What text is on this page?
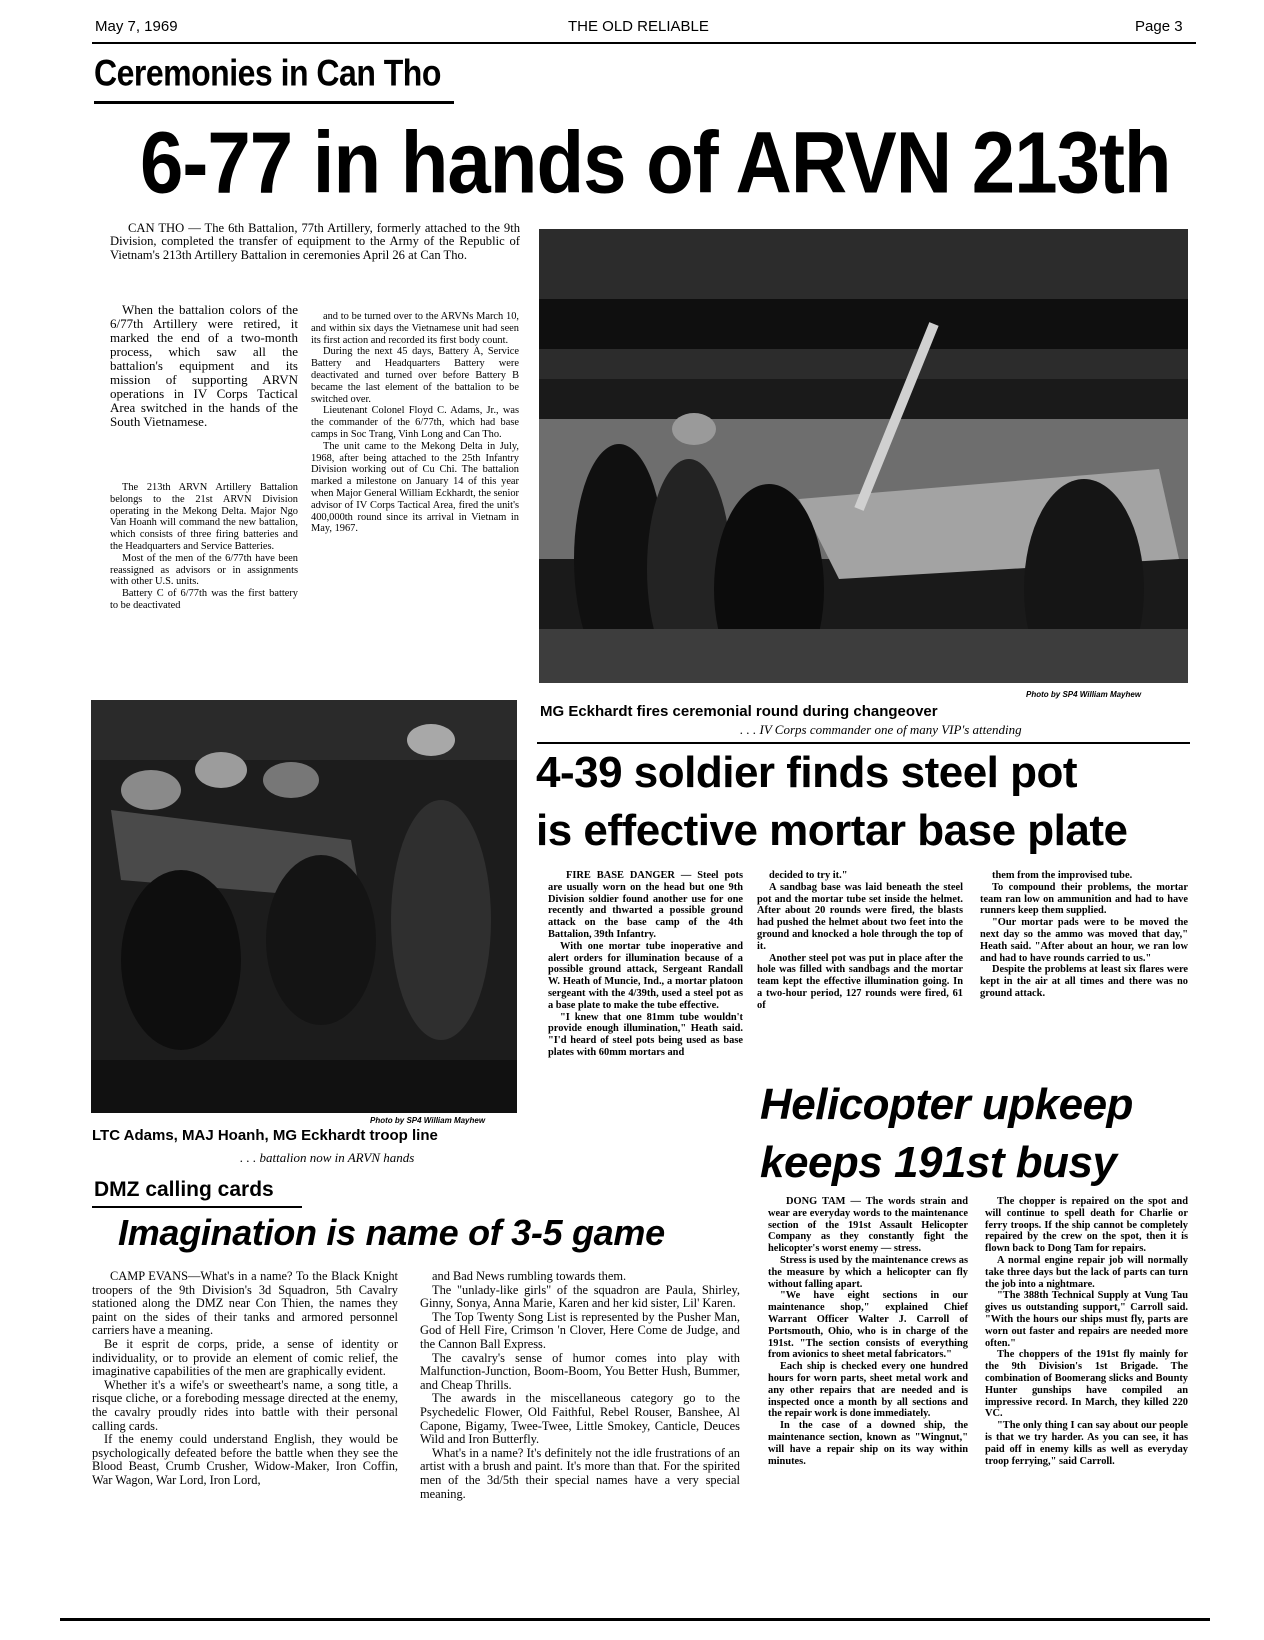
May 7, 1969	THE OLD RELIABLE	Page 3
Ceremonies in Can Tho
6-77 in hands of ARVN 213th

CAN THO — The 6th Battalion, 77th Artillery, formerly attached to the 9th Division, completed the transfer of equipment to the Army of the Republic of Vietnam's 213th Artillery Battalion in ceremonies April 26 at Can Tho.

When the battalion colors of the 6/77th Artillery were retired, it marked the end of a two-month process, which saw all the battalion's equipment and its mission of supporting ARVN operations in IV Corps Tactical Area switched in the hands of the South Vietnamese.

The 213th ARVN Artillery Battalion belongs to the 21st ARVN Division operating in the Mekong Delta. Major Ngo Van Hoanh will command the new battalion, which consists of three firing batteries and the Headquarters and Service Batteries.

Most of the men of the 6/77th have been reassigned as advisors or in assignments with other U.S. units.

Battery C of 6/77th was the first battery to be deactivated

and to be turned over to the ARVNs March 10, and within six days the Vietnamese unit had seen its first action and recorded its first body count.

During the next 45 days, Battery A, Service Battery and Headquarters Battery were deactivated and turned over before Battery B became the last element of the battalion to be switched over.

Lieutenant Colonel Floyd C. Adams, Jr., was the commander of the 6/77th, which had base camps in Soc Trang, Vinh Long and Can Tho.

The unit came to the Mekong Delta in July, 1968, after being attached to the 25th Infantry Division working out of Cu Chi. The battalion marked a milestone on January 14 of this year when Major General William Eckhardt, the senior advisor of IV Corps Tactical Area, fired the unit's 400,000th round since its arrival in Vietnam in May, 1967.

Photo by SP4 William Mayhew
MG Eckhardt fires ceremonial round during changeover
. . . IV Corps commander one of many VIP's attending
Photo by SP4 William Mayhew
LTC Adams, MAJ Hoanh, MG Eckhardt troop line
. . . battalion now in ARVN hands
4-39 soldier finds steel pot
is effective mortar base plate

FIRE BASE DANGER — Steel pots are usually worn on the head but one 9th Division soldier found another use for one recently and thwarted a possible ground attack on the base camp of the 4th Battalion, 39th Infantry.

With one mortar tube inoperative and alert orders for illumination because of a possible ground attack, Sergeant Randall W. Heath of Muncie, Ind., a mortar platoon sergeant with the 4/39th, used a steel pot as a base plate to make the tube effective.

"I knew that one 81mm tube wouldn't provide enough illumination," Heath said. "I'd heard of steel pots being used as base plates with 60mm mortars and

decided to try it."

A sandbag base was laid beneath the steel pot and the mortar tube set inside the helmet. After about 20 rounds were fired, the blasts had pushed the helmet about two feet into the ground and knocked a hole through the top of it.

Another steel pot was put in place after the hole was filled with sandbags and the mortar team kept the effective illumination going. In a two-hour period, 127 rounds were fired, 61 of

them from the improvised tube.

To compound their problems, the mortar team ran low on ammunition and had to have runners keep them supplied.

"Our mortar pads were to be moved the next day so the ammo was moved that day," Heath said. "After about an hour, we ran low and had to have rounds carried to us."

Despite the problems at least six flares were kept in the air at all times and there was no ground attack.

Helicopter upkeep
keeps 191st busy
DMZ calling cards
Imagination is name of 3-5 game

CAMP EVANS—What's in a name? To the Black Knight troopers of the 9th Division's 3d Squadron, 5th Cavalry stationed along the DMZ near Con Thien, the names they paint on the sides of their tanks and armored personnel carriers have a meaning.

Be it esprit de corps, pride, a sense of identity or individuality, or to provide an element of comic relief, the imaginative capabilities of the men are graphically evident.

Whether it's a wife's or sweetheart's name, a song title, a risque cliche, or a foreboding message directed at the enemy, the cavalry proudly rides into battle with their personal calling cards.

If the enemy could understand English, they would be psychologically defeated before the battle when they see the Blood Beast, Crumb Crusher, Widow-Maker, Iron Coffin, War Wagon, War Lord, Iron Lord,

and Bad News rumbling towards them.

The "unlady-like girls" of the squadron are Paula, Shirley, Ginny, Sonya, Anna Marie, Karen and her kid sister, Lil' Karen.

The Top Twenty Song List is represented by the Pusher Man, God of Hell Fire, Crimson 'n Clover, Here Come de Judge, and the Cannon Ball Express.

The cavalry's sense of humor comes into play with Malfunction-Junction, Boom-Boom, You Better Hush, Bummer, and Cheap Thrills.

The awards in the miscellaneous category go to the Psychedelic Flower, Old Faithful, Rebel Rouser, Banshee, Al Capone, Bigamy, Twee-Twee, Little Smokey, Canticle, Deuces Wild and Iron Butterfly.

What's in a name? It's definitely not the idle frustrations of an artist with a brush and paint. It's more than that. For the spirited men of the 3d/5th their special names have a very special meaning.

DONG TAM — The words strain and wear are everyday words to the maintenance section of the 191st Assault Helicopter Company as they constantly fight the helicopter's worst enemy — stress.

Stress is used by the maintenance crews as the measure by which a helicopter can fly without falling apart.

"We have eight sections in our maintenance shop," explained Chief Warrant Officer Walter J. Carroll of Portsmouth, Ohio, who is in charge of the 191st. "The section consists of everything from avionics to sheet metal fabricators."

Each ship is checked every one hundred hours for worn parts, sheet metal work and any other repairs that are needed and is inspected once a month by all sections and the repair work is done immediately.

In the case of a downed ship, the maintenance section, known as "Wingnut," will have a repair ship on its way within minutes.

The chopper is repaired on the spot and will continue to spell death for Charlie or ferry troops. If the ship cannot be completely repaired by the crew on the spot, then it is flown back to Dong Tam for repairs.

A normal engine repair job will normally take three days but the lack of parts can turn the job into a nightmare.

"The 388th Technical Supply at Vung Tau gives us outstanding support," Carroll said. "With the hours our ships must fly, parts are worn out faster and repairs are needed more often."

The choppers of the 191st fly mainly for the 9th Division's 1st Brigade. The combination of Boomerang slicks and Bounty Hunter gunships have compiled an impressive record. In March, they killed 220 VC.

"The only thing I can say about our people is that we try harder. As you can see, it has paid off in enemy kills as well as everyday troop ferrying," said Carroll.
